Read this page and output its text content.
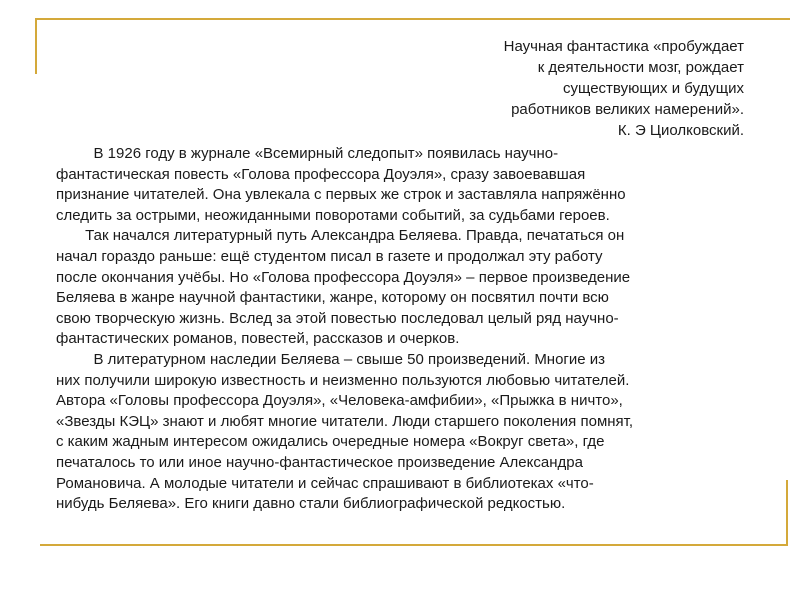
Научная фантастика «пробуждает
к деятельности мозг, рождает
существующих и будущих
работников великих намерений».
К. Э Циолковский.
В 1926 году в журнале «Всемирный следопыт» появилась научно-
фантастическая повесть «Голова профессора Доуэля», сразу завоевавшая
признание читателей. Она увлекала с первых же строк и заставляла напряжённо
следить за острыми, неожиданными поворотами событий, за судьбами героев.
Так начался литературный путь Александра Беляева. Правда, печататься он
начал гораздо раньше: ещё студентом писал в газете и продолжал эту работу
после окончания учёбы. Но «Голова профессора Доуэля» – первое произведение
Беляева в жанре научной фантастики, жанре, которому он посвятил почти всю
свою творческую жизнь. Вслед за этой повестью последовал целый ряд научно-
фантастических романов, повестей, рассказов и очерков.
В литературном наследии Беляева – свыше 50 произведений. Многие из
них получили широкую известность и неизменно пользуются любовью читателей.
Автора «Головы профессора Доуэля», «Человека-амфибии», «Прыжка в ничто»,
«Звезды КЭЦ» знают и любят многие читатели. Люди старшего поколения помнят,
с каким жадным интересом ожидались очередные номера «Вокруг света», где
печаталось то или иное научно-фантастическое произведение Александра
Романовича. А молодые читатели и сейчас спрашивают в библиотеках «что-
нибудь Беляева». Его книги давно стали библиографической редкостью.
